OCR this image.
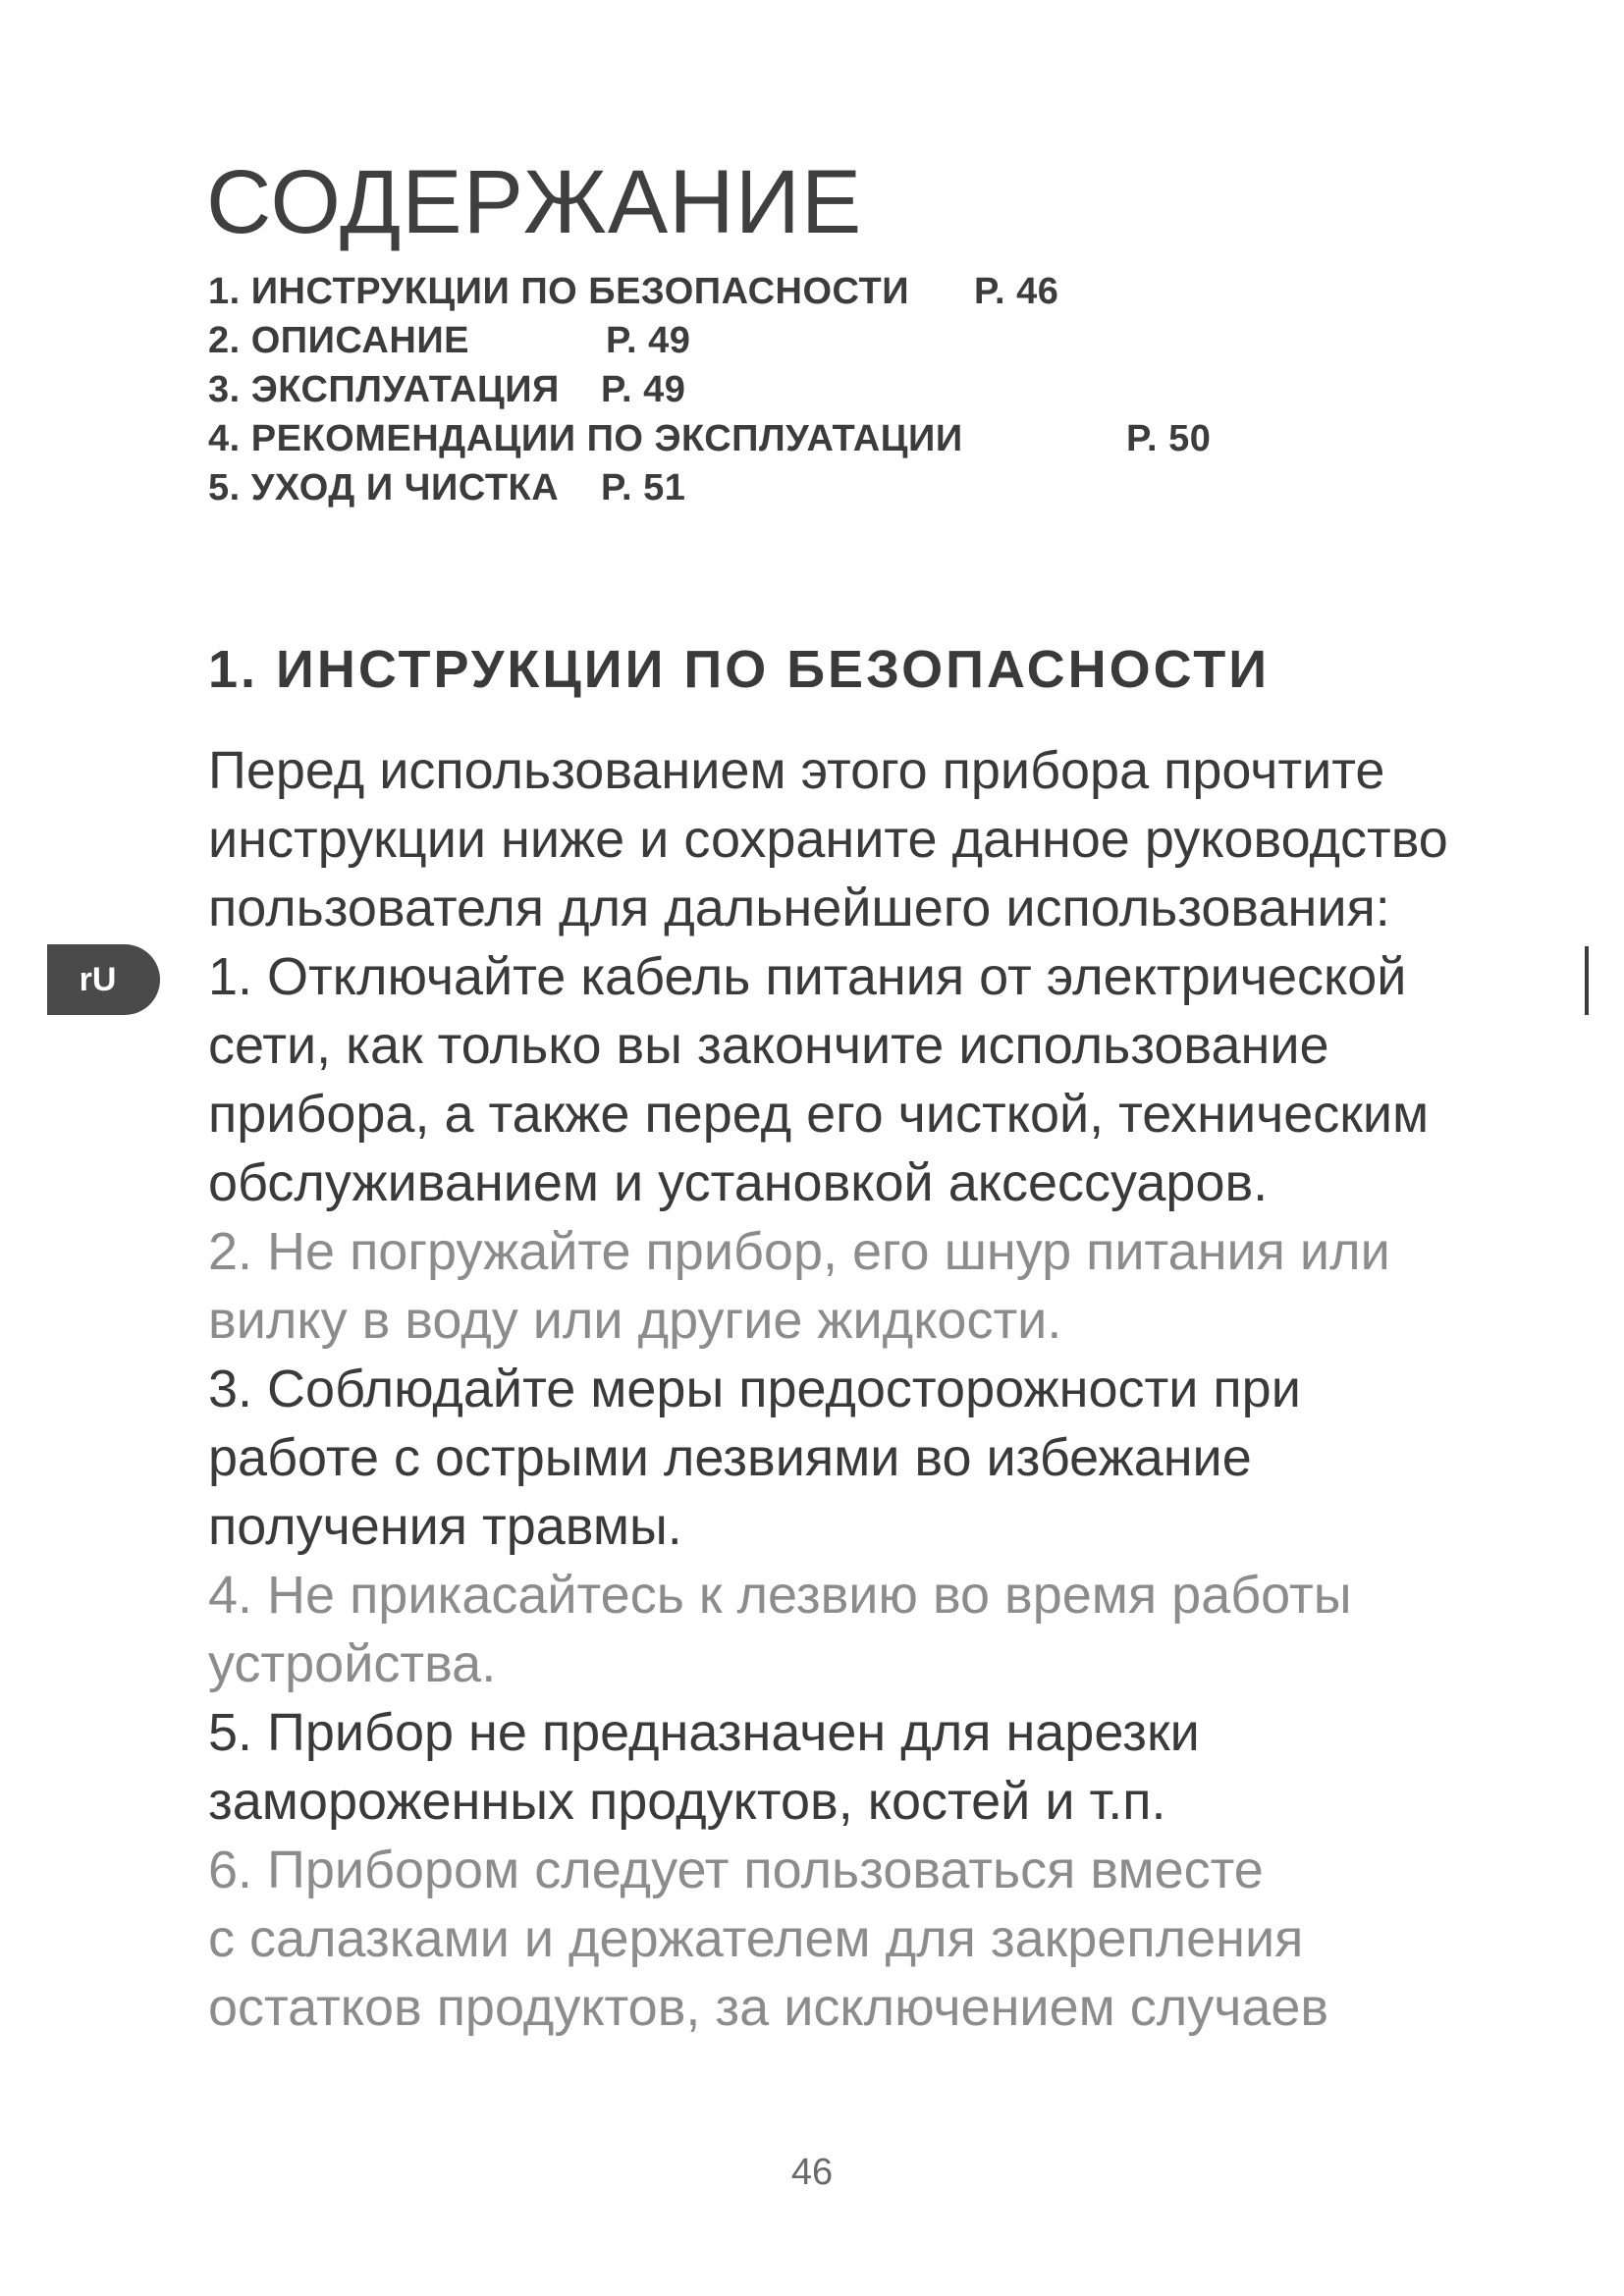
СОДЕРЖАНИЕ
1. ИНСТРУКЦИИ ПО БЕЗОПАСНОСТИ P. 46
2. ОПИСАНИЕ	P. 49
3. ЭКСПЛУАТАЦИЯ P. 49
4. РЕКОМЕНДАЦИИ ПО ЭКСПЛУАТАЦИИ	P. 50
5. УХОД И ЧИСТКА P. 51
1. ИНСТРУКЦИИ ПО БЕЗОПАСНОСТИ

Перед использованием этого прибора прочтите
инструкции ниже и сохраните данное руководство
пользователя для дальнейшего использования:

1. Отключайте кабель питания от электрической
сети, как только вы закончите использование
прибора, а также перед его чисткой, техническим
обслуживанием и установкой аксессуаров.

2. Не погружайте прибор, его шнур питания или
вилку в воду или другие жидкости.

3. Соблюдайте меры предосторожности при
работе с острыми лезвиями во избежание
получения травмы.

4. Не прикасайтесь к лезвию во время работы
устройства.

5. Прибор не предназначен для нарезки
замороженных продуктов, костей и т.п.

6. Прибором следует пользоваться вместе
с салазками и держателем для закрепления
остатков продуктов, за исключением случаев

rU
46
